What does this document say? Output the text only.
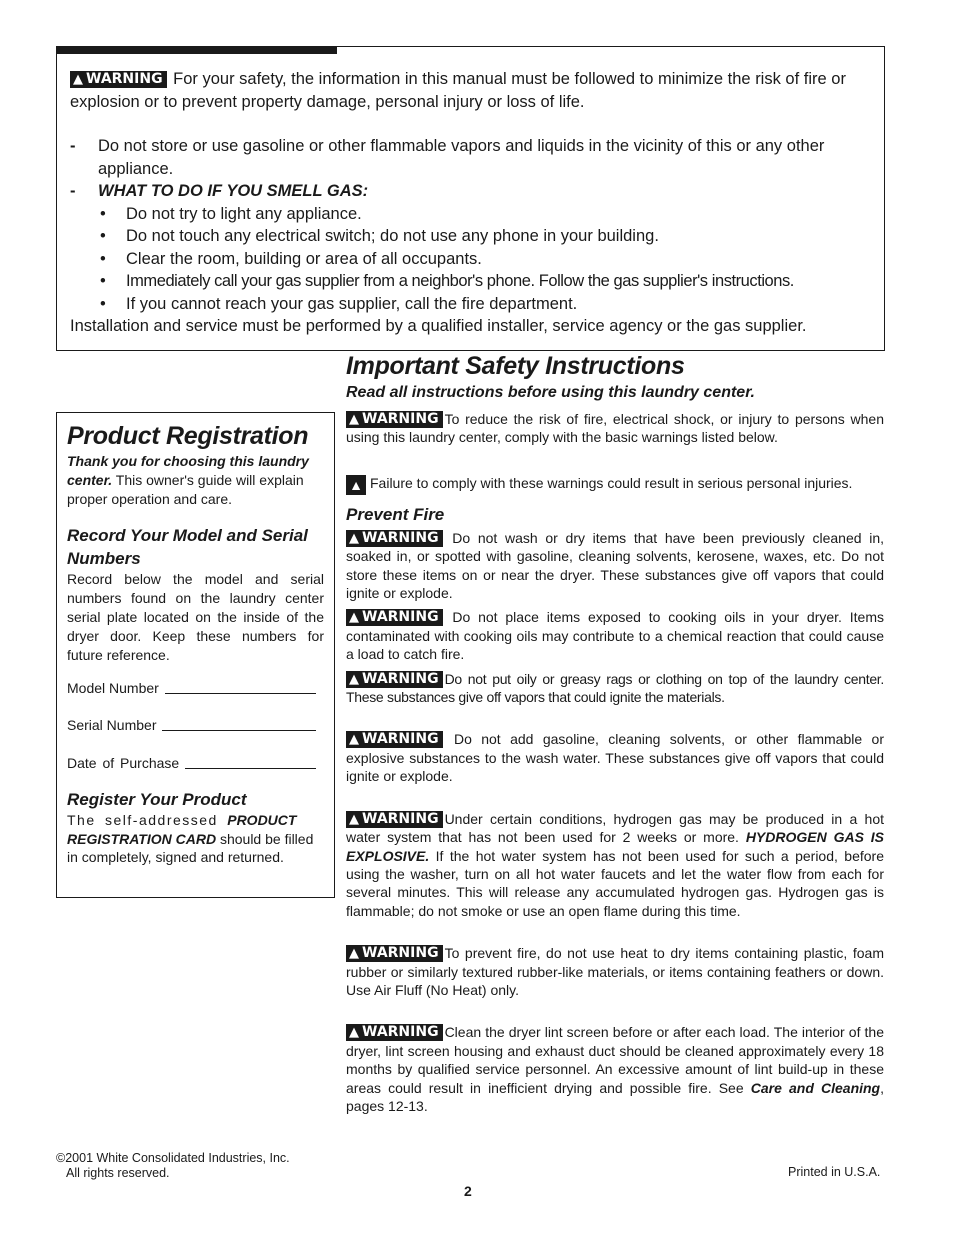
▲ WARNING For your safety, the information in this manual must be followed to minimize the risk of fire or explosion or to prevent property damage, personal injury or loss of life.

-	Do not store or use gasoline or other flammable vapors and liquids in the vicinity of this or any other appliance.
-	WHAT TO DO IF YOU SMELL GAS:
•	Do not try to light any appliance.
•	Do not touch any electrical switch; do not use any phone in your building.
•	Clear the room, building or area of all occupants.
•	Immediately call your gas supplier from a neighbor's phone. Follow the gas supplier's instructions.
•	If you cannot reach your gas supplier, call the fire department.

Installation and service must be performed by a qualified installer, service agency or the gas supplier.

Important Safety Instructions
Read all instructions before using this laundry center.

▲ WARNING To reduce the risk of fire, electrical shock, or injury to persons when using this laundry center, comply with the basic warnings listed below.

▲ Failure to comply with these warnings could result in serious personal injuries.

Prevent Fire

▲ WARNING Do not wash or dry items that have been previously cleaned in, soaked in, or spotted with gasoline, cleaning solvents, kerosene, waxes, etc. Do not store these items on or near the dryer. These substances give off vapors that could ignite or explode.

▲ WARNING Do not place items exposed to cooking oils in your dryer. Items contaminated with cooking oils may contribute to a chemical reaction that could cause a load to catch fire.

▲ WARNING Do not put oily or greasy rags or clothing on top of the laundry center. These substances give off vapors that could ignite the materials.

▲ WARNING Do not add gasoline, cleaning solvents, or other flammable or explosive substances to the wash water. These substances give off vapors that could ignite or explode.

▲ WARNING Under certain conditions, hydrogen gas may be produced in a hot water system that has not been used for 2 weeks or more. HYDROGEN GAS IS EXPLOSIVE. If the hot water system has not been used for such a period, before using the washer, turn on all hot water faucets and let the water flow from each for several minutes. This will release any accumulated hydrogen gas. Hydrogen gas is flammable; do not smoke or use an open flame during this time.

▲ WARNING To prevent fire, do not use heat to dry items containing plastic, foam rubber or similarly textured rubber-like materials, or items containing feathers or down. Use Air Fluff (No Heat) only.

▲ WARNING Clean the dryer lint screen before or after each load. The interior of the dryer, lint screen housing and exhaust duct should be cleaned approximately every 18 months by qualified service personnel. An excessive amount of lint build-up in these areas could result in inefficient drying and possible fire. See Care and Cleaning, pages 12-13.

Product Registration

Thank you for choosing this laundry center. This owner's guide will explain proper operation and care.

Record Your Model and Serial Numbers

Record below the model and serial numbers found on the laundry center serial plate located on the inside of the dryer door. Keep these numbers for future reference.

Model Number
Serial Number
Date of Purchase
Register Your Product

The self-addressed PRODUCT REGISTRATION CARD should be filled in completely, signed and returned.

©2001 White Consolidated Industries, Inc.
All rights reserved.	Printed in U.S.A.
2
